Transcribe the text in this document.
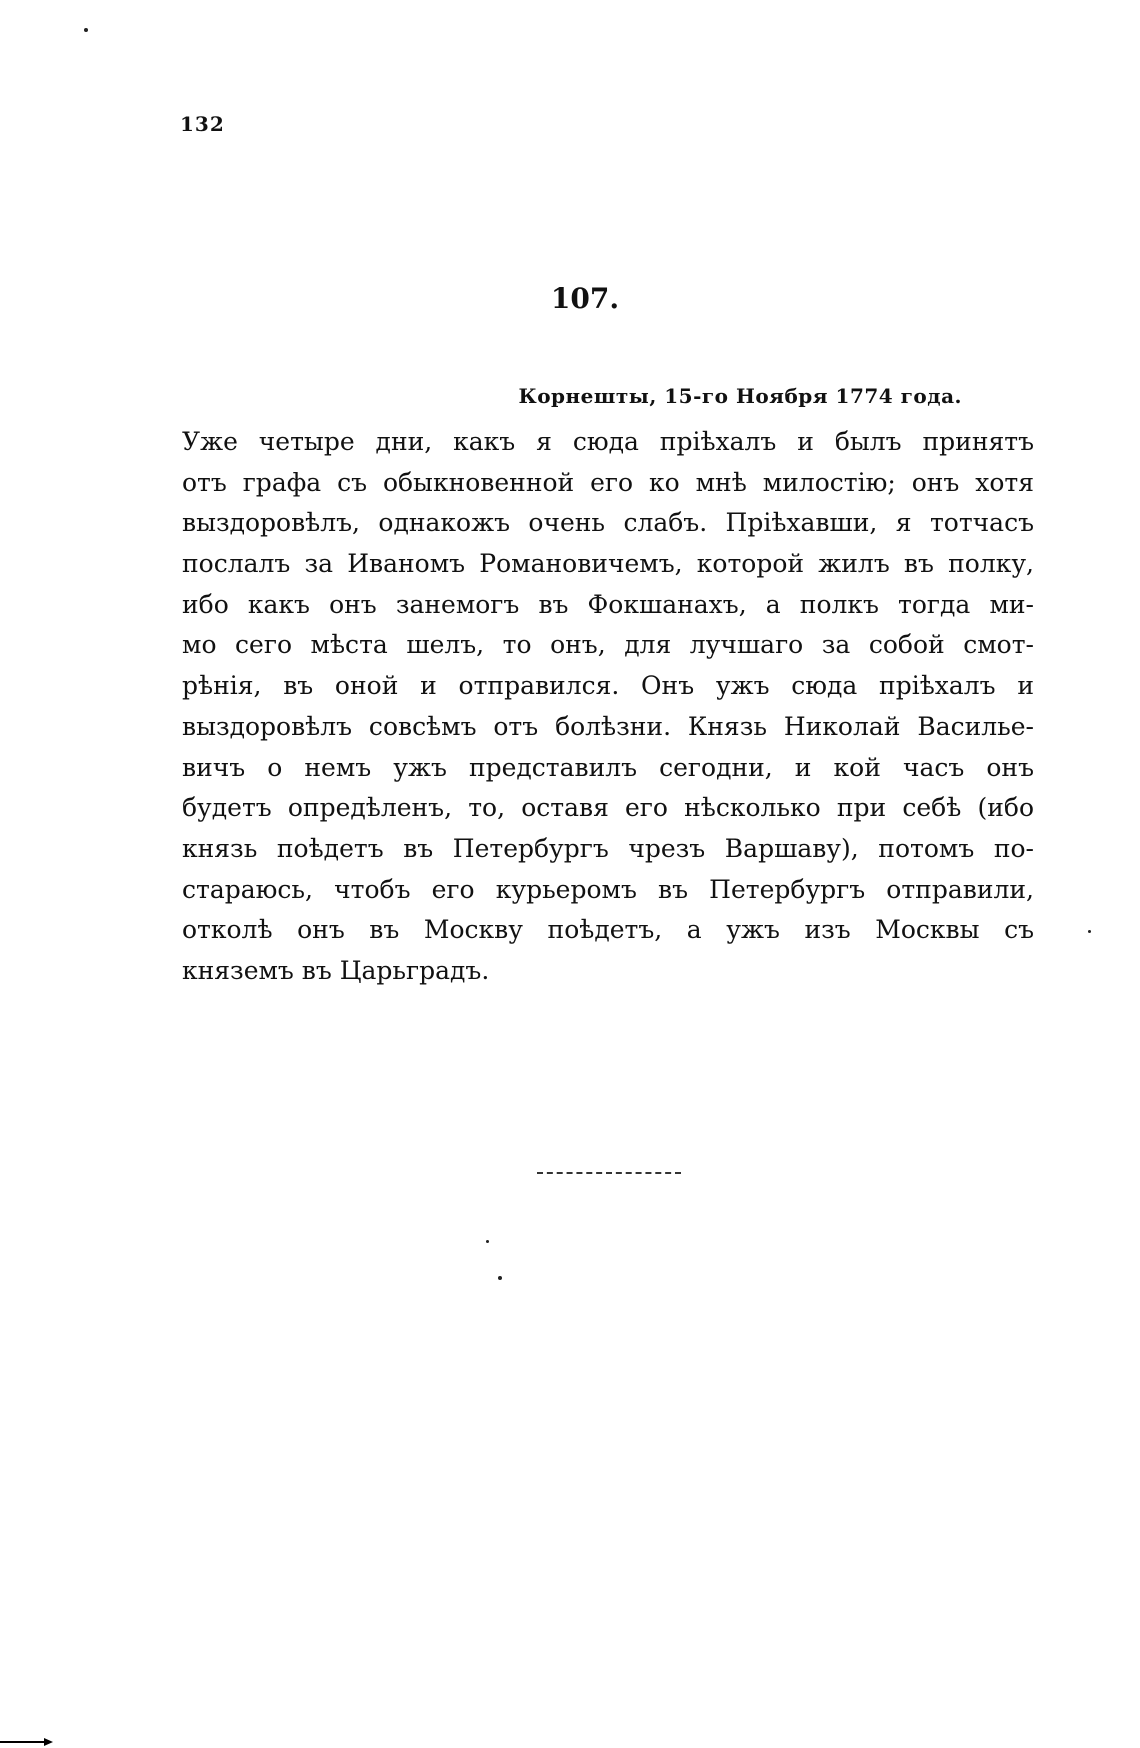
132
107.
Корнешты, 15-го Ноября 1774 года.
Уже четыре дни, какъ я сюда прiѣхалъ и былъ принятъ
отъ графа съ обыкновенной его ко мнѣ милостiю; онъ хотя
выздоровѣлъ, однакожъ очень слабъ. Прiѣхавши, я тотчасъ
послалъ за Иваномъ Романовичемъ, которой жилъ въ полку,
ибо какъ онъ занемогъ въ Фокшанахъ, а полкъ тогда ми-
мо сего мѣста шелъ, то онъ, для лучшаго за собой смот-
рѣнiя, въ оной и отправился. Онъ ужъ сюда прiѣхалъ и
выздоровѣлъ совсѣмъ отъ болѣзни. Князь Николай Василье-
вичъ о немъ ужъ представилъ сегодни, и кой часъ онъ
будетъ опредѣленъ, то, оставя его нѣсколько при себѣ (ибо
князь поѣдетъ въ Петербургъ чрезъ Варшаву), потомъ по-
стараюсь, чтобъ его курьеромъ въ Петербургъ отправили,
отколѣ онъ въ Москву поѣдетъ, а ужъ изъ Москвы съ
княземъ въ Царьградъ.
